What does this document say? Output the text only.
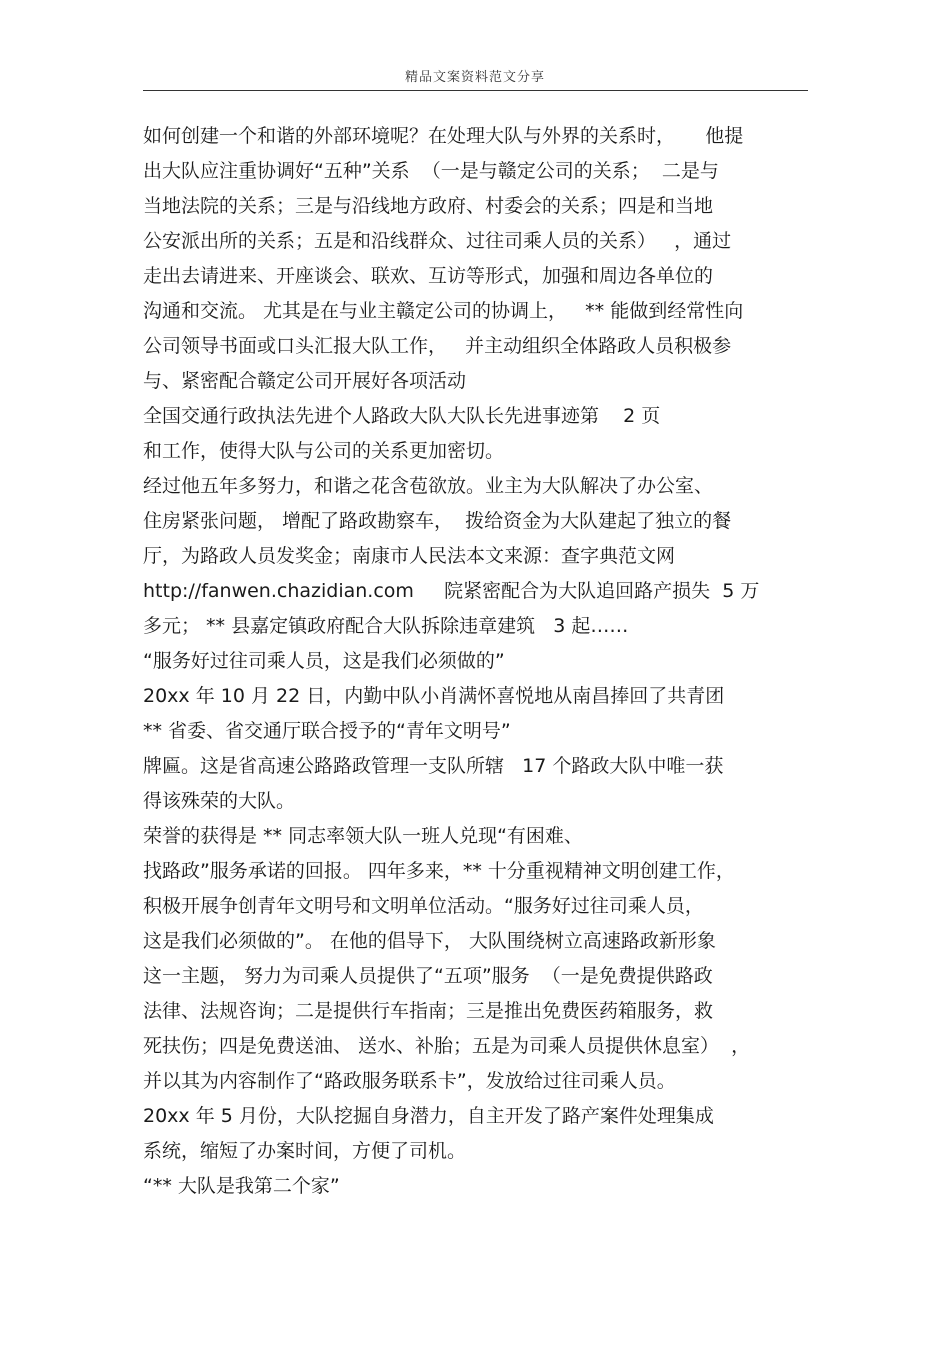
精品文案资料范文分享
如何创建一个和谐的外部环境呢？在处理大队与外界的关系时，     他提
出大队应注重协调好“五种”关系  （一是与赣定公司的关系；  二是与
当地法院的关系；三是与沿线地方政府、村委会的关系；四是和当地
公安派出所的关系；五是和沿线群众、过往司乘人员的关系）   ，通过
走出去请进来、开座谈会、联欢、互访等形式，加强和周边各单位的
沟通和交流。 尤其是在与业主赣定公司的协调上，   ** 能做到经常性向
公司领导书面或口头汇报大队工作，   并主动组织全体路政人员积极参
与、紧密配合赣定公司开展好各项活动
全国交通行政执法先进个人路政大队大队长先进事迹第    2 页
和工作，使得大队与公司的关系更加密切。
经过他五年多努力，和谐之花含苞欲放。业主为大队解决了办公室、
住房紧张问题， 增配了路政勘察车，  拨给资金为大队建起了独立的餐
厅，为路政人员发奖金；南康市人民法本文来源：查字典范文网
http://fanwen.chazidian.com     院紧密配合为大队追回路产损失  5 万
多元； ** 县嘉定镇政府配合大队拆除违章建筑   3 起……
“服务好过往司乘人员，这是我们必须做的”
20xx 年 10 月 22 日，内勤中队小肖满怀喜悦地从南昌捧回了共青团
** 省委、省交通厅联合授予的“青年文明号”
牌匾。这是省高速公路路政管理一支队所辖   17 个路政大队中唯一获
得该殊荣的大队。
荣誉的获得是 ** 同志率领大队一班人兑现“有困难、
找路政”服务承诺的回报。 四年多来，** 十分重视精神文明创建工作，
积极开展争创青年文明号和文明单位活动。“服务好过往司乘人员，
这是我们必须做的”。 在他的倡导下， 大队围绕树立高速路政新形象
这一主题， 努力为司乘人员提供了“五项”服务  （一是免费提供路政
法律、法规咨询；二是提供行车指南；三是推出免费医药箱服务，救
死扶伤；四是免费送油、 送水、补胎；五是为司乘人员提供休息室）  ，
并以其为内容制作了“路政服务联系卡”，发放给过往司乘人员。
20xx 年 5 月份，大队挖掘自身潜力，自主开发了路产案件处理集成
系统，缩短了办案时间，方便了司机。
“** 大队是我第二个家”
